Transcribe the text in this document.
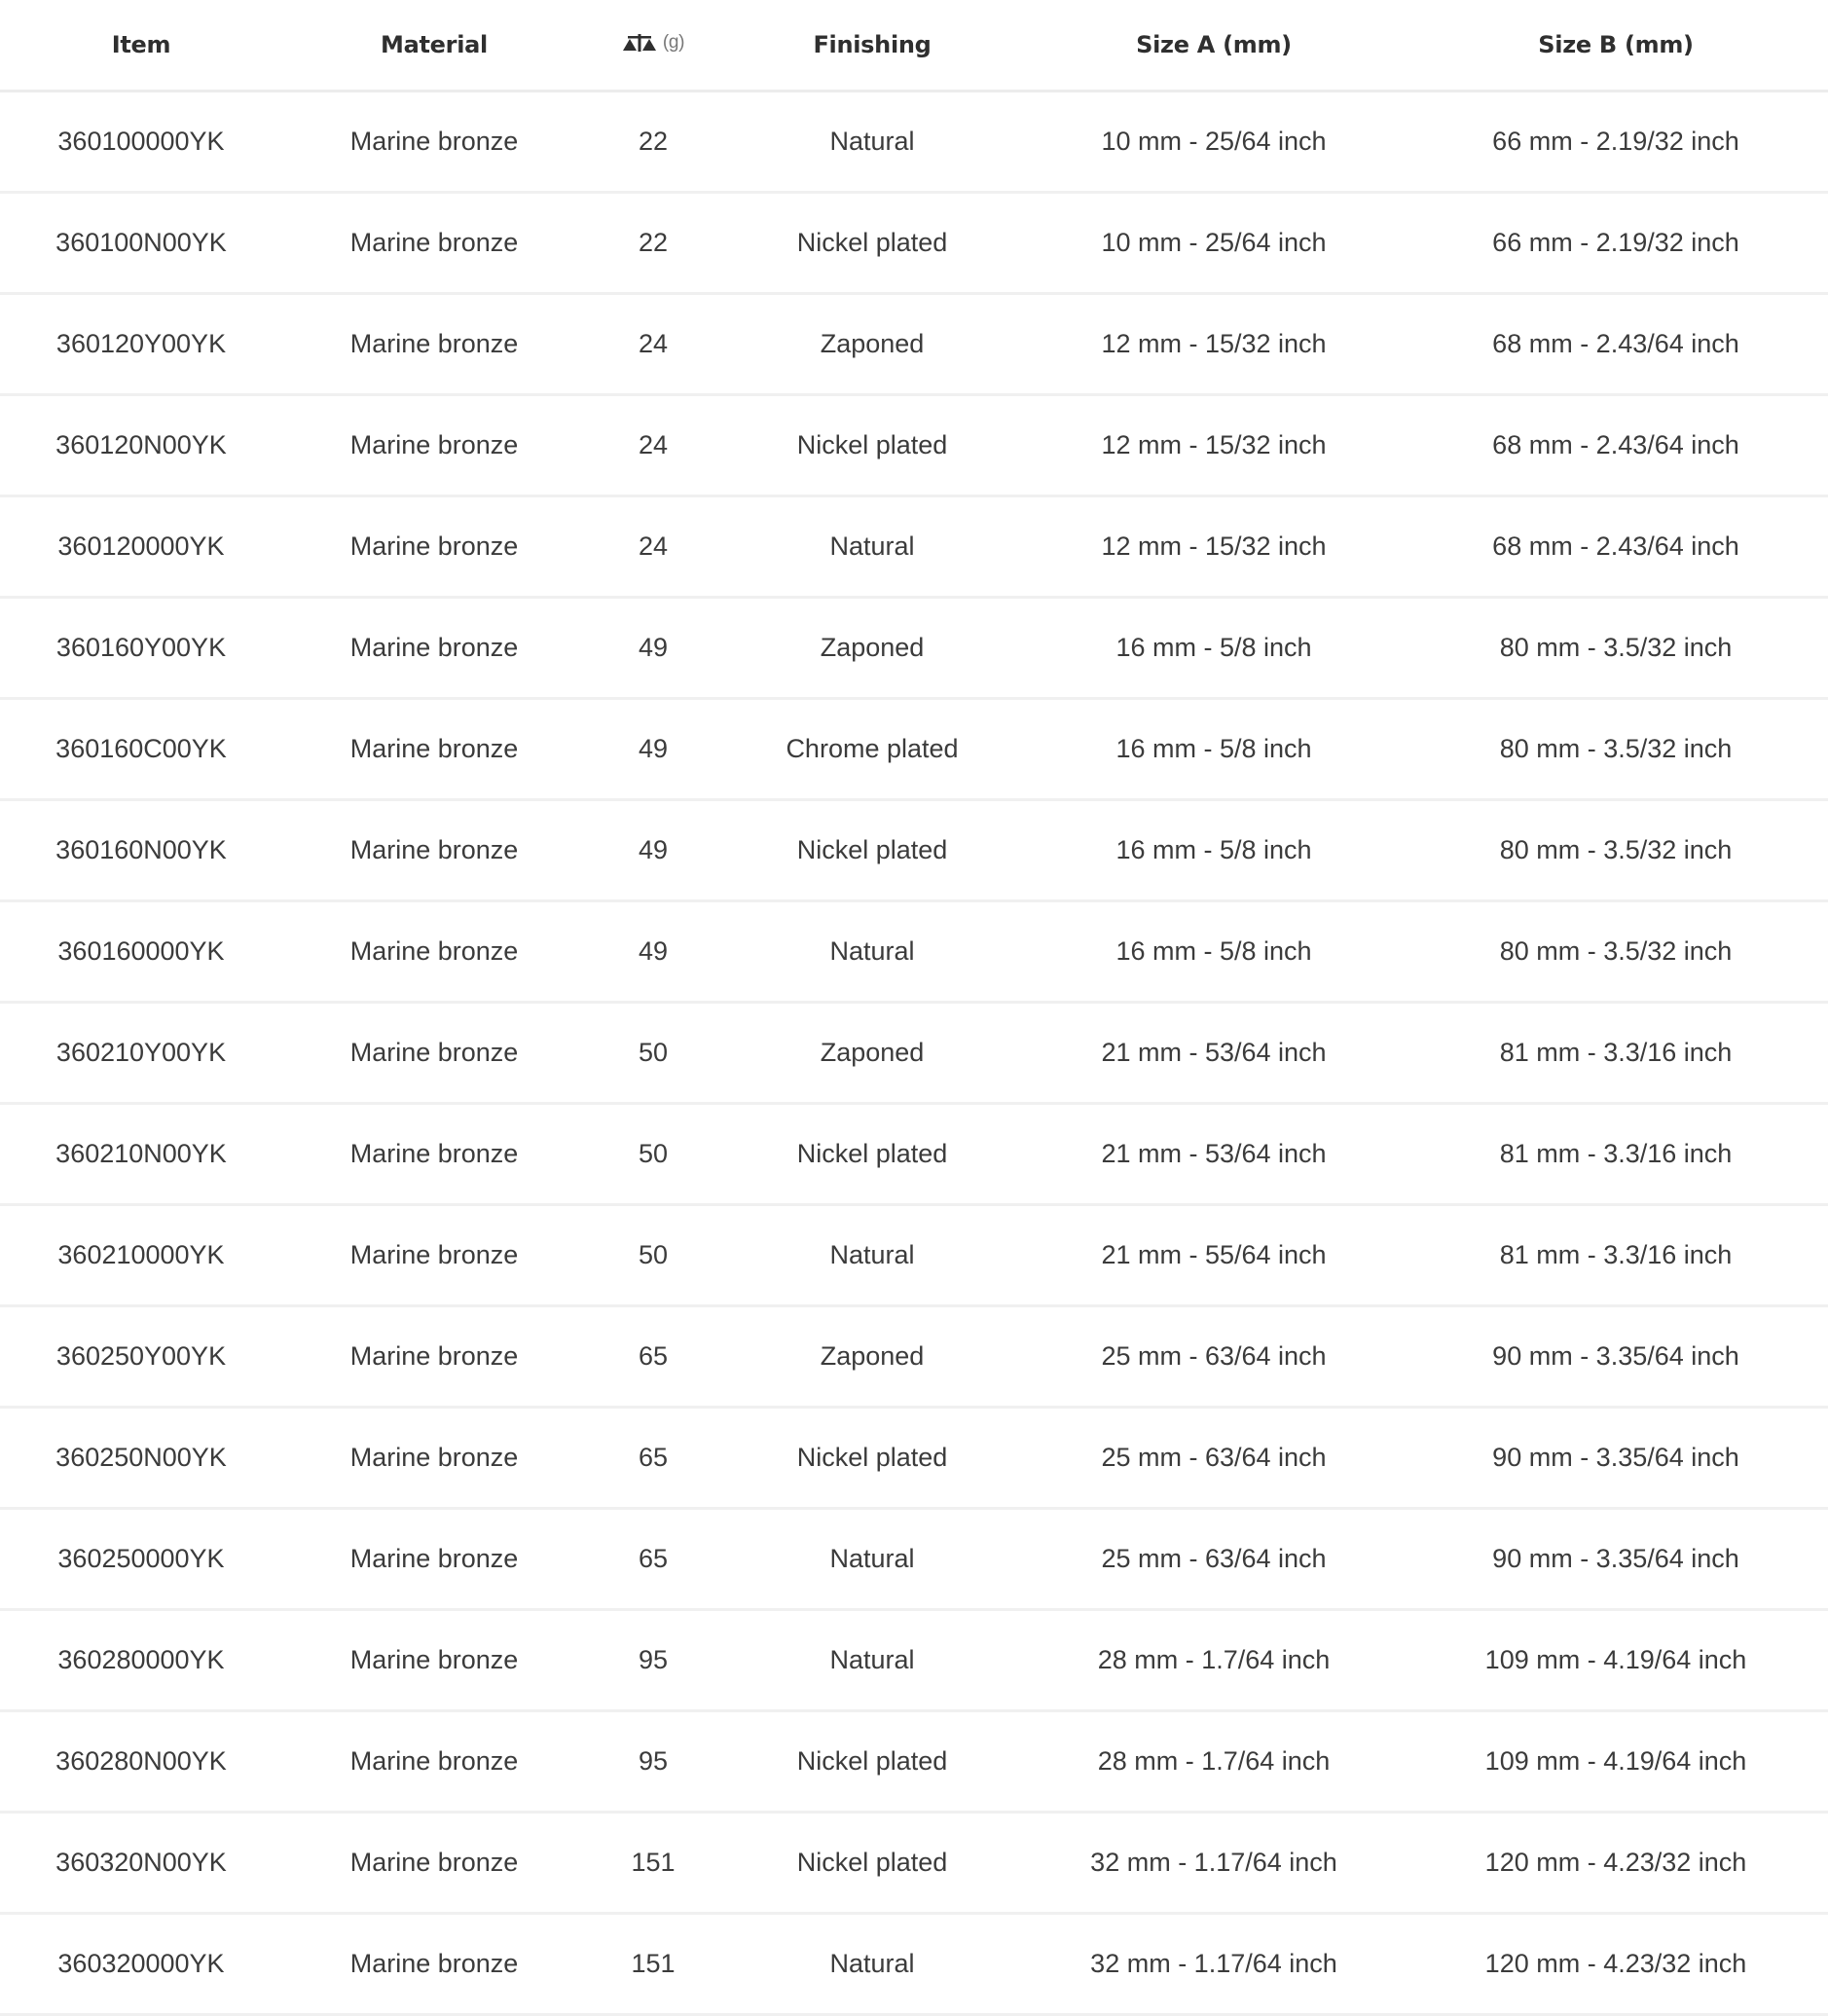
Item	Material	(g)	Finishing	Size A (mm)	Size B (mm)
360100000YK	Marine bronze	22	Natural	10 mm - 25/64 inch	66 mm - 2.19/32 inch
360100N00YK	Marine bronze	22	Nickel plated	10 mm - 25/64 inch	66 mm - 2.19/32 inch
360120Y00YK	Marine bronze	24	Zaponed	12 mm - 15/32 inch	68 mm - 2.43/64 inch
360120N00YK	Marine bronze	24	Nickel plated	12 mm - 15/32 inch	68 mm - 2.43/64 inch
360120000YK	Marine bronze	24	Natural	12 mm - 15/32 inch	68 mm - 2.43/64 inch
360160Y00YK	Marine bronze	49	Zaponed	16 mm - 5/8 inch	80 mm - 3.5/32 inch
360160C00YK	Marine bronze	49	Chrome plated	16 mm - 5/8 inch	80 mm - 3.5/32 inch
360160N00YK	Marine bronze	49	Nickel plated	16 mm - 5/8 inch	80 mm - 3.5/32 inch
360160000YK	Marine bronze	49	Natural	16 mm - 5/8 inch	80 mm - 3.5/32 inch
360210Y00YK	Marine bronze	50	Zaponed	21 mm - 53/64 inch	81 mm - 3.3/16 inch
360210N00YK	Marine bronze	50	Nickel plated	21 mm - 53/64 inch	81 mm - 3.3/16 inch
360210000YK	Marine bronze	50	Natural	21 mm - 55/64 inch	81 mm - 3.3/16 inch
360250Y00YK	Marine bronze	65	Zaponed	25 mm - 63/64 inch	90 mm - 3.35/64 inch
360250N00YK	Marine bronze	65	Nickel plated	25 mm - 63/64 inch	90 mm - 3.35/64 inch
360250000YK	Marine bronze	65	Natural	25 mm - 63/64 inch	90 mm - 3.35/64 inch
360280000YK	Marine bronze	95	Natural	28 mm - 1.7/64 inch	109 mm - 4.19/64 inch
360280N00YK	Marine bronze	95	Nickel plated	28 mm - 1.7/64 inch	109 mm - 4.19/64 inch
360320N00YK	Marine bronze	151	Nickel plated	32 mm - 1.17/64 inch	120 mm - 4.23/32 inch
360320000YK	Marine bronze	151	Natural	32 mm - 1.17/64 inch	120 mm - 4.23/32 inch
